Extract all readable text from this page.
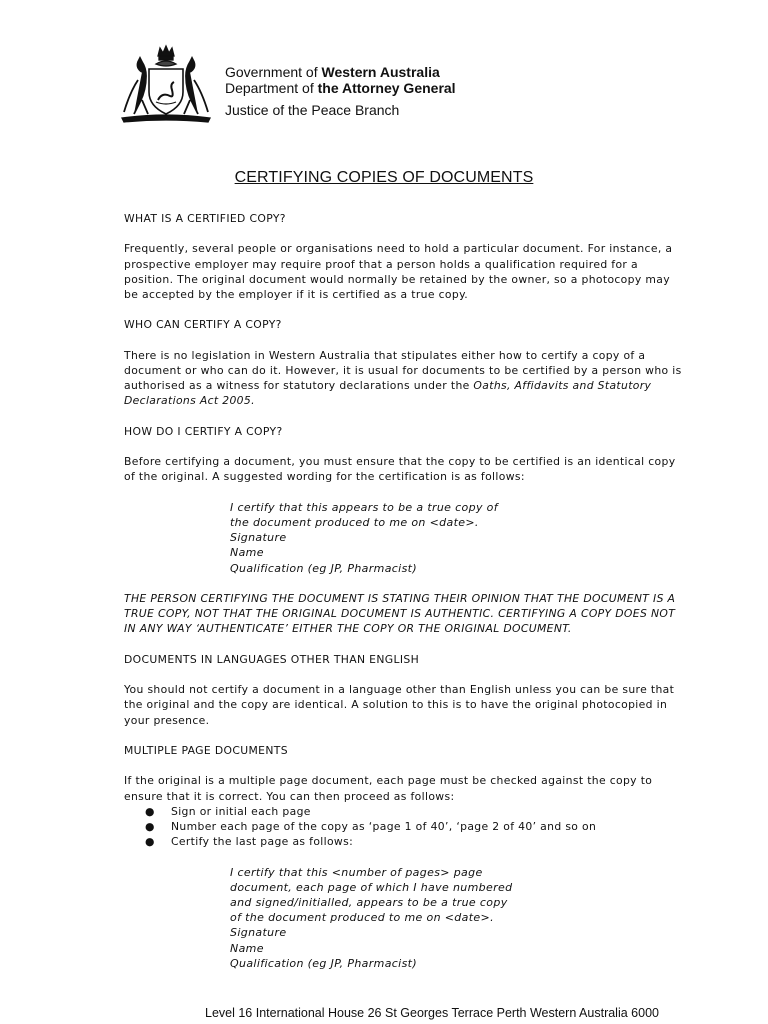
Government of Western Australia
Department of the Attorney General
Justice of the Peace Branch
CERTIFYING COPIES OF DOCUMENTS

WHAT IS A CERTIFIED COPY?

Frequently, several people or organisations need to hold a particular document. For instance, a prospective employer may require proof that a person holds a qualification required for a position. The original document would normally be retained by the owner, so a photocopy may be accepted by the employer if it is certified as a true copy.

WHO CAN CERTIFY A COPY?

There is no legislation in Western Australia that stipulates either how to certify a copy of a document or who can do it. However, it is usual for documents to be certified by a person who is authorised as a witness for statutory declarations under the Oaths, Affidavits and Statutory Declarations Act 2005.

HOW DO I CERTIFY A COPY?

Before certifying a document, you must ensure that the copy to be certified is an identical copy of the original. A suggested wording for the certification is as follows:

I certify that this appears to be a true copy of
the document produced to me on <date>.
Signature
Name
Qualification (eg JP, Pharmacist)

THE PERSON CERTIFYING THE DOCUMENT IS STATING THEIR OPINION THAT THE DOCUMENT IS A TRUE COPY, NOT THAT THE ORIGINAL DOCUMENT IS AUTHENTIC. CERTIFYING A COPY DOES NOT IN ANY WAY ‘AUTHENTICATE’ EITHER THE COPY OR THE ORIGINAL DOCUMENT.

DOCUMENTS IN LANGUAGES OTHER THAN ENGLISH

You should not certify a document in a language other than English unless you can be sure that the original and the copy are identical. A solution to this is to have the original photocopied in your presence.

MULTIPLE PAGE DOCUMENTS

If the original is a multiple page document, each page must be checked against the copy to ensure that it is correct. You can then proceed as follows:

● Sign or initial each page
● Number each page of the copy as ‘page 1 of 40’, ‘page 2 of 40’ and so on
● Certify the last page as follows:
I certify that this <number of pages> page
document, each page of which I have numbered
and signed/initialled, appears to be a true copy
of the document produced to me on <date>.
Signature
Name
Qualification (eg JP, Pharmacist)
Level 16 International House 26 St Georges Terrace Perth Western Australia 6000
